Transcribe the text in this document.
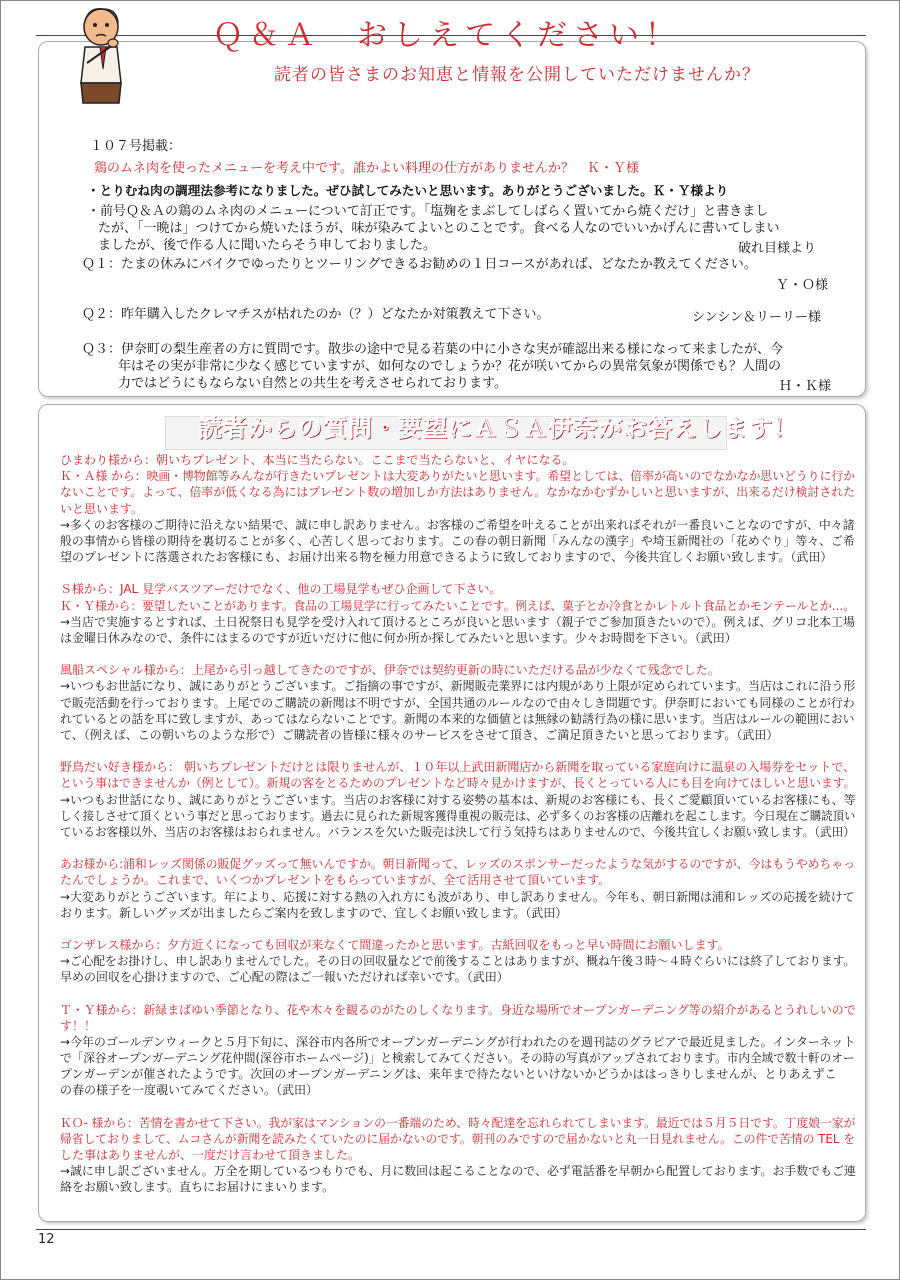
Ｑ＆Ａ　おしえてください！
読者の皆さまのお知恵と情報を公開していただけませんか？
１０７号掲載：
鶏のムネ肉を使ったメニューを考え中です。誰かよい料理の仕方がありませんか？　Ｋ・Ｙ様
・とりむね肉の調理法参考になりました。ぜひ試してみたいと思います。ありがとうございました。Ｋ・Ｙ様より
・前号Ｑ＆Ａの鶏のムネ肉のメニューについて訂正です。「塩麹をまぶしてしばらく置いてから焼くだけ」と書きまし
たが、「一晩は」つけてから焼いたほうが、味が染みてよいとのことです。食べる人なのでいいかげんに書いてしまい
ましたが、後で作る人に聞いたらそう申しておりました。	破れ目様より
Ｑ１：たまの休みにバイクでゆったりとツーリングできるお勧めの１日コースがあれば、どなたか教えてください。
Ｙ・Ｏ様
Ｑ２：昨年購入したクレマチスが枯れたのか（？）どなたか対策教えて下さい。	シンシン＆リーリー様
Ｑ３：伊奈町の梨生産者の方に質問です。散歩の途中で見る若葉の中に小さな実が確認出来る様になって来ましたが、今
年はその実が非常に少なく感じていますが、如何なのでしょうか？花が咲いてからの異常気象が関係でも？人間の
力ではどうにもならない自然との共生を考えさせられております。	Ｈ・Ｋ様
読者からの質問・要望にＡＳＡ伊奈がお答えします！
ひまわり様から：朝いちプレゼント、本当に当たらない。ここまで当たらないと、イヤになる。
Ｋ・Ａ様 から：映画・博物館等みんなが行きたいプレゼントは大変ありがたいと思います。希望としては、倍率が高いのでなかなか思いどうりに行か ないことです。よって、倍率が低くなる為にはプレゼント数の増加しか方法はありません。なかなかむずかしいと思いますが、出来るだけ検討された
いと思います。
→多くのお客様のご期待に沿えない結果で、誠に申し訳ありません。お客様のご希望を叶えることが出来ればそれが一番良いことなのですが、中々諸 般の事情から皆様の期待を裏切ることが多く、心苦しく思っております。この春の朝日新聞「みんなの漢字」や埼玉新聞社の「花めぐり」等々、ご希
望のプレゼントに落選されたお客様にも、お届け出来る物を極力用意できるように致しておりますので、今後共宜しくお願い致します。（武田）
Ｓ様から：JAL 見学バスツアーだけでなく、他の工場見学もぜひ企画して下さい。
Ｋ・Ｙ様から：要望したいことがあります。食品の工場見学に行ってみたいことです。例えば、菓子とか冷食とかレトルト食品とかモンテールとか…。 →当店で実施するとすれば、土日祝祭日も見学を受け入れて頂けるところが良いと思います（親子でご参加頂きたいので）。例えば、グリコ北本工場
は金曜日休みなので、条件にはまるのですが近いだけに他に何か所か探してみたいと思います。少々お時間を下さい。（武田）
風船スペシャル様から：上尾から引っ越してきたのですが、伊奈では契約更新の時にいただける品が少なくて残念でした。
→いつもお世話になり、誠にありがとうございます。ご指摘の事ですが、新聞販売業界には内規があり上限が定められています。当店はこれに沿う形 で販売活動を行っております。上尾でのご購読の新聞は不明ですが、全国共通のルールなので由々しき問題です。伊奈町においても同様のことが行わ れているとの話を耳に致しますが、あってはならないことです。新聞の本来的な価値とは無縁の勧誘行為の様に思います。当店はルールの範囲におい
て、（例えば、この朝いちのような形で）ご購読者の皆様に様々のサービスをさせて頂き、ご満足頂きたいと思っております。（武田）
野鳥だい好き様から： 朝いちプレゼントだけとは限りませんが、１０年以上武田新聞店から新聞を取っている家庭向けに温泉の入場券をセットで、
という事はできませんか（例として）。新規の客をとるためのプレゼントなど時々見かけますが、長くとっている人にも目を向けてほしいと思います。 →いつもお世話になり、誠にありがとうございます。当店のお客様に対する姿勢の基本は、新規のお客様にも、長くご愛顧頂いているお客様にも、等 しく接しさせて頂くという事だと思っております。過去に見られた新規客獲得重視の販売は、必ず多くのお客様の店離れを起こします。今日現在ご購読頂い ているお客様以外、当店のお客様はおられません。バランスを欠いた販売は決して行う気持ちはありませんので、今後共宜しくお願い致します。（武田）
あお様から:浦和レッズ関係の販促グッズって無いんですか。朝日新聞って、レッズのスポンサーだったような気がするのですが、今はもうやめちゃっ
たんでしょうか。これまで、いくつかプレゼントをもらっていますが、全て活用させて頂いています。
→大変ありがとうございます。年により、応援に対する熱の入れ方にも波があり、申し訳ありません。今年も、朝日新聞は浦和レッズの応援を続けて
おります。新しいグッズが出ましたらご案内を致しますので、宜しくお願い致します。（武田）
ゴンザレス様から：夕方近くになっても回収が来なくて間違ったかと思います。古紙回収をもっと早い時間にお願いします。
→ご心配をお掛けし、申し訳ありませんでした。その日の回収量などで前後することはありますが、概ね午後３時～４時ぐらいには終了しております。
早めの回収を心掛けますので、ご心配の際はご一報いただければ幸いです。（武田）
Ｔ・Ｙ様から：新緑まばゆい季節となり、花や木々を観るのがたのしくなります。身近な場所でオープンガーデニング等の紹介があるとうれしいので
す！！
→今年のゴールデンウィークと５月下旬に、深谷市内各所でオープンガーデニングが行われたのを週刊誌のグラビアで最近見ました。インターネット で「深谷オープンガーデニング花仲間(深谷市ホームページ)」と検索してみてください。その時の写真がアップされております。市内全域で数十軒のオー
プンガーデンが催されたようです。次回のオープンガーデニングは、来年まで待たないといけないかどうかははっきりしませんが、とりあえずこ
の春の様子を一度覗いてみてください。（武田）
ＫＯ- 様から：苦情を書かせて下さい。我が家はマンションの一番端のため、時々配達を忘れられてしまいます。最近では５月５日です。丁度娘一家が 帰省しておりまして、ムコさんが新聞を読みたくていたのに届かないのです。朝刊のみですので届かないと丸一日見れません。この件で苦情の TEL を
した事はありませんが、一度だけ言わせて頂きました。
→誠に申し訳ございません。万全を期しているつもりでも、月に数回は起こることなので、必ず電話番を早朝から配置しております。お手数でもご連
絡をお願い致します。直ちにお届けにまいります。
12
